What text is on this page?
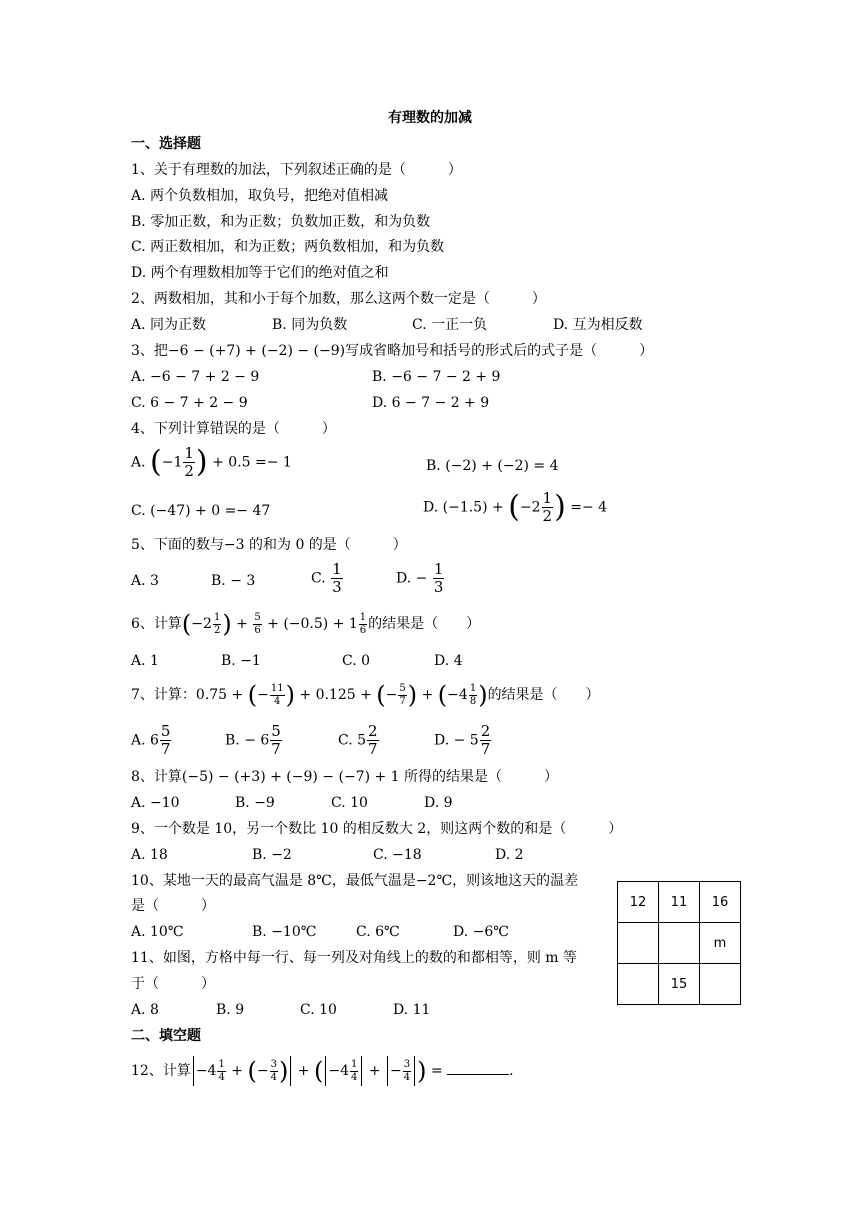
有理数的加减
一、选择题
1、关于有理数的加法，下列叙述正确的是（　　　）
A. 两个负数相加，取负号，把绝对值相减
B. 零加正数，和为正数；负数加正数，和为负数
C. 两正数相加，和为正数；两负数相加，和为负数
D. 两个有理数相加等于它们的绝对值之和
2、两数相加，其和小于每个加数，那么这两个数一定是（　　　）
A. 同为正数	B. 同为负数	C. 一正一负	D. 互为相反数
3、把−6 − (+7) + (−2) − (−9)写成省略加号和括号的形式后的式子是（　　　）
A. −6 − 7 + 2 − 9	B. −6 − 7 − 2 + 9
C. 6 − 7 + 2 − 9	D. 6 − 7 − 2 + 9
4、下列计算错误的是（　　　）
A. ($-1 \frac{1}{2}$ ) + 0.5 =− 1	B. (−2) + (−2) = 4
C. (−47) + 0 =− 47	D. $(-1.5) + (-2 \frac{1}{2}$ ) =− 4
5、下面的数与−3 的和为 0 的是（　　　）
A. 3	B. − 3	C. $\frac{1}{3}$	D. − $\frac{1}{3}$
6、计算($-2 \frac{1}{2}$ ) + $\frac{5}{6} + (-0.5) + 1 \frac{1}{6}$ 的结果是（　　）
A. 1	B. −1	C. 0	D. 4
7、计算：0.75 + (− $\frac{11}{4}$ ) + 0.125 + (− $\frac{5}{7}$ ) + ($-4 \frac{1}{8}$ )的结果是（　　）
A. $6 \frac{5}{7}$	B. − $6 \frac{5}{7}$	C. $5 \frac{2}{7}$	D. − $5 \frac{2}{7}$
8、计算(−5) − (+3) + (−9) − (−7) + 1 所得的结果是（　　　）
A. −10	B. −9	C. 10	D. 9
9、一个数是 10，另一个数比 10 的相反数大 2，则这两个数的和是（　　　）
A. 18	B. −2	C. −18	D. 2
10、某地一天的最高气温是 8℃，最低气温是−2℃，则该地这天的温差
是（　　　）
A. 10℃	B. −10℃	C. 6℃	D. −6℃
11、如图，方格中每一行、每一列及对角线上的数的和都相等，则 m 等
于（　　　）
A. 8	B. 9	C. 10	D. 11
12	11	16
		m
	15	
二、填空题
12、计算 $-4 \frac{1}{4}$ + (− $\frac{3}{4}$ ) + ( $-4 \frac{1}{4}$ + − $\frac{3}{4}$ ) =	.
